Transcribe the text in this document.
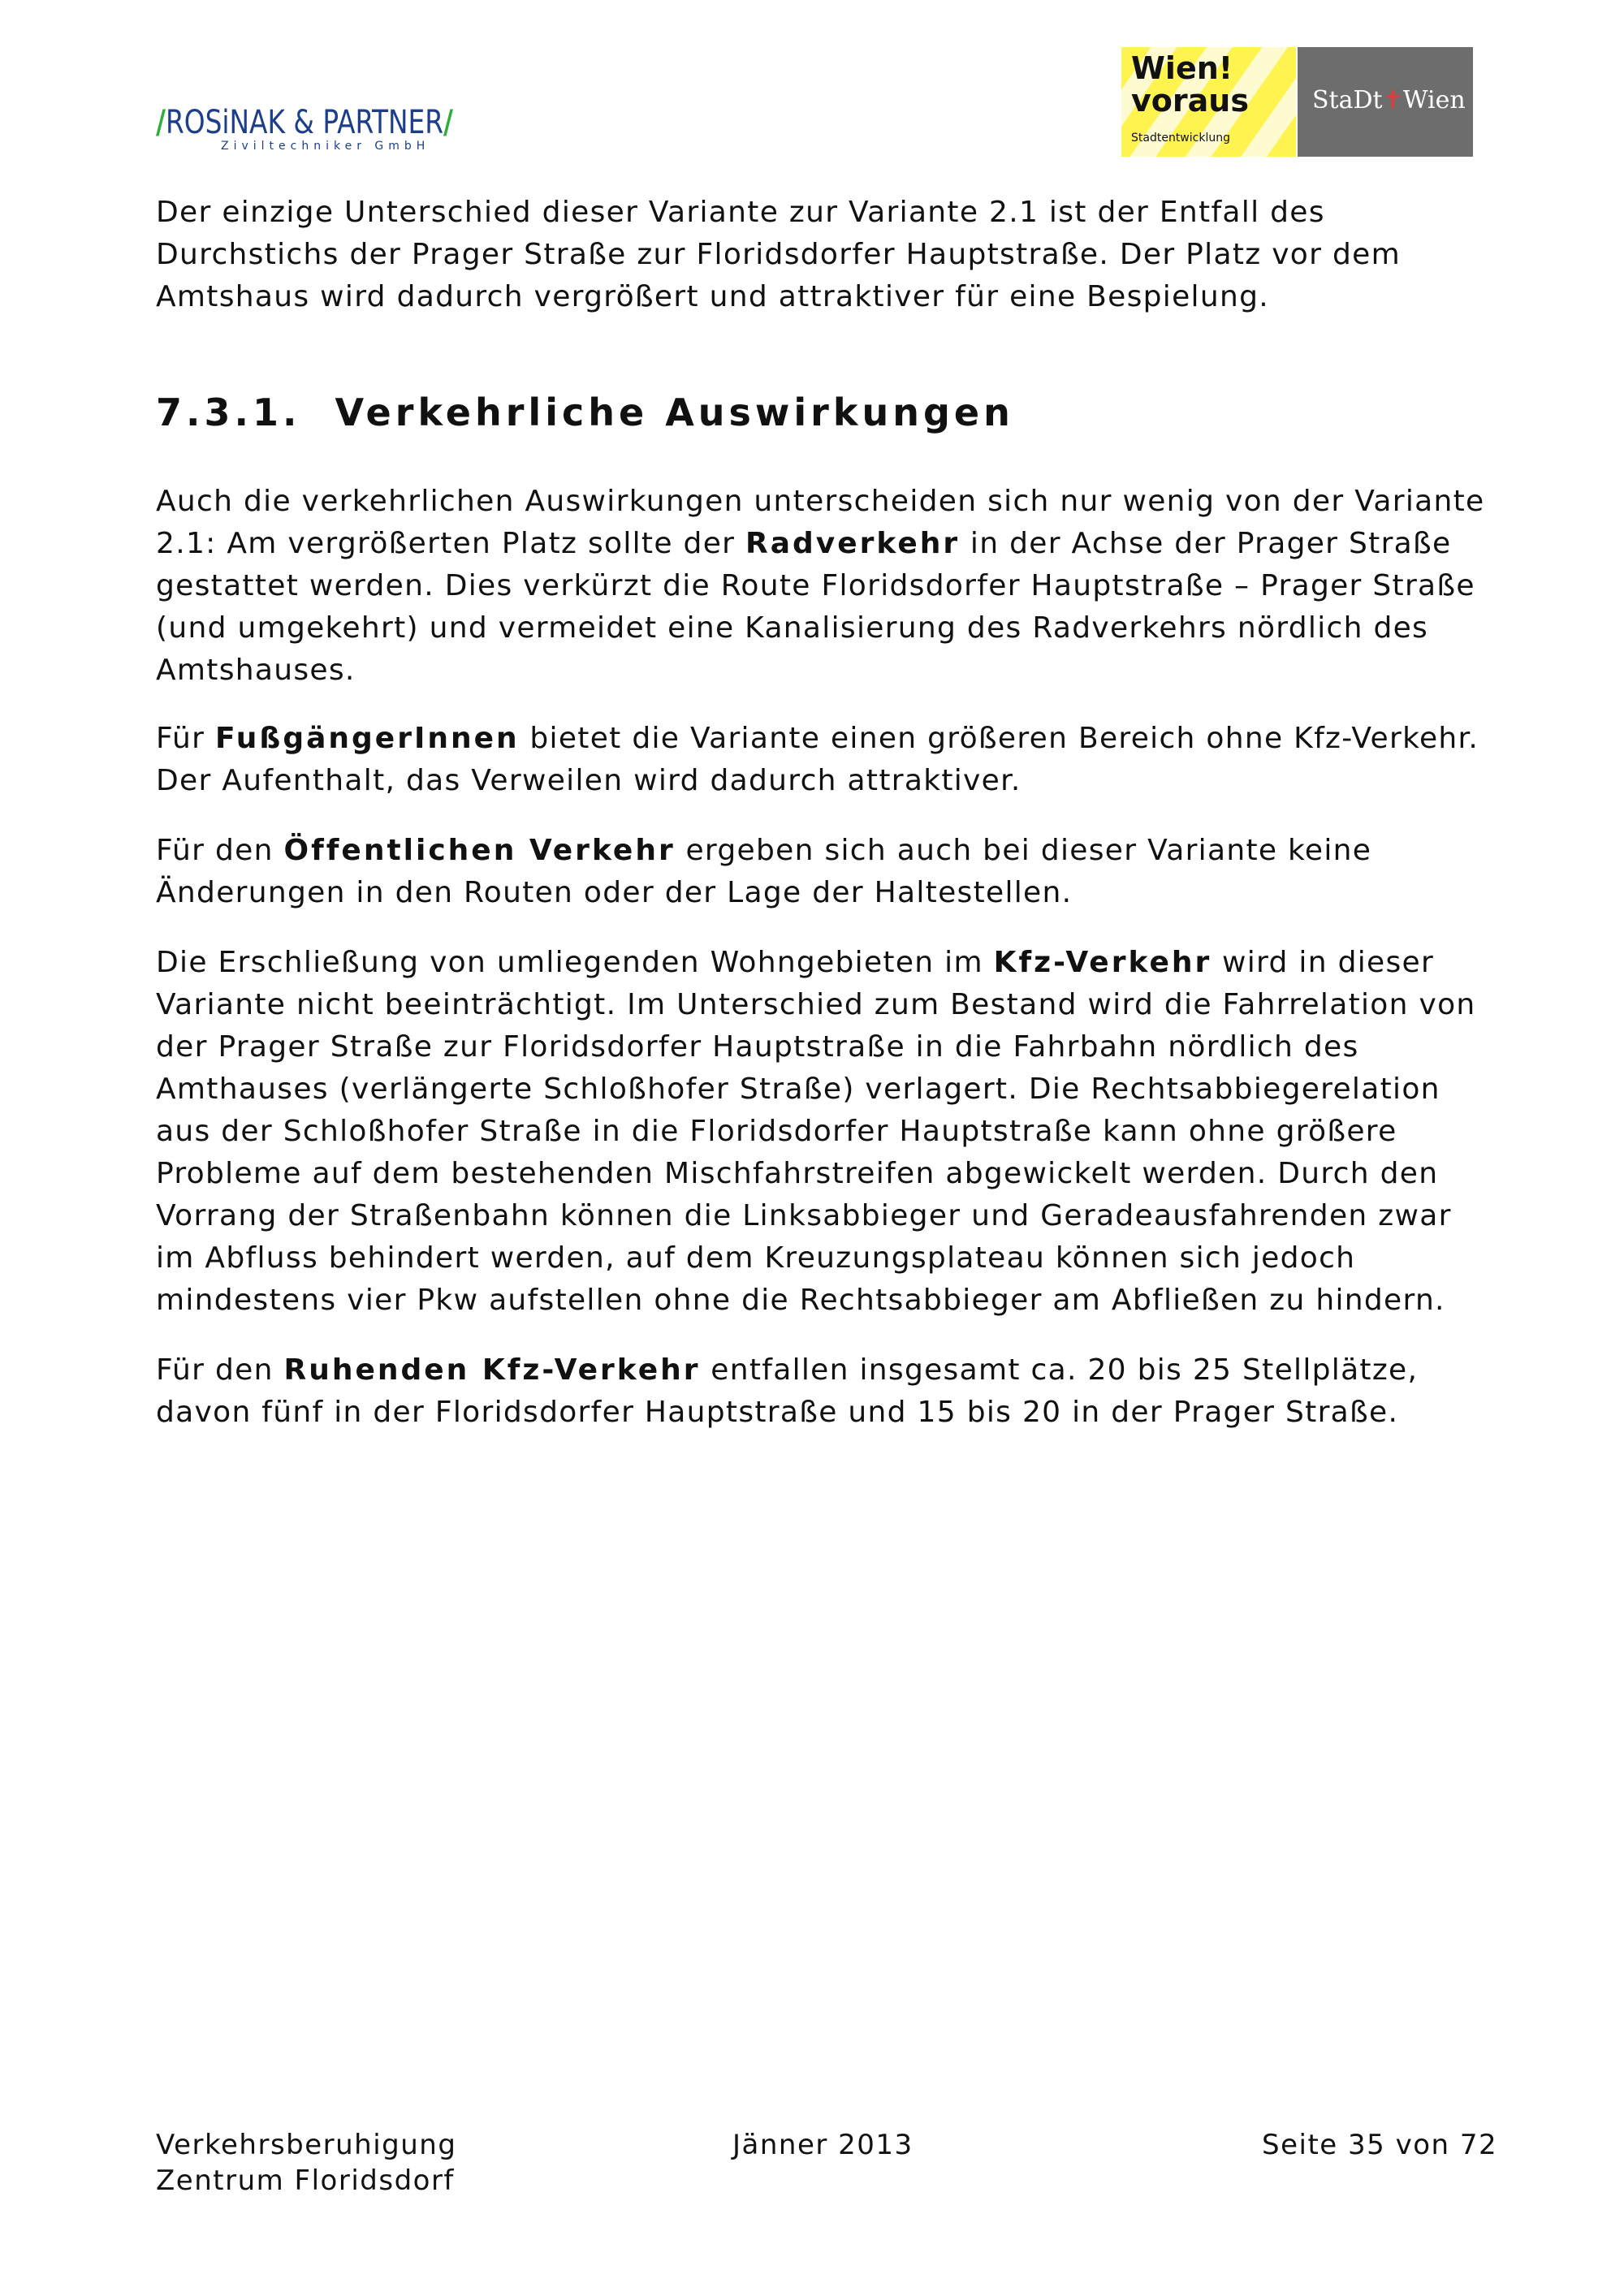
/ROSiNAK & PARTNER/
Ziviltechniker GmbH
Wien!
voraus
Stadtentwicklung
StaDt✝Wien

Der einzige Unterschied dieser Variante zur Variante 2.1 ist der Entfall des Durchstichs der Prager Straße zur Floridsdorfer Hauptstraße. Der Platz vor dem Amtshaus wird dadurch vergrößert und attraktiver für eine Bespielung.

7.3.1.  Verkehrliche Auswirkungen

Auch die verkehrlichen Auswirkungen unterscheiden sich nur wenig von der Variante 2.1: Am vergrößerten Platz sollte der Radverkehr in der Achse der Prager Straße gestattet werden. Dies verkürzt die Route Floridsdorfer Hauptstraße – Prager Straße (und umgekehrt) und vermeidet eine Kanalisierung des Radverkehrs nördlich des Amtshauses.

Für FußgängerInnen bietet die Variante einen größeren Bereich ohne Kfz-Verkehr. Der Aufenthalt, das Verweilen wird dadurch attraktiver.

Für den Öffentlichen Verkehr ergeben sich auch bei dieser Variante keine Änderungen in den Routen oder der Lage der Haltestellen.

Die Erschließung von umliegenden Wohngebieten im Kfz-Verkehr wird in dieser Variante nicht beeinträchtigt. Im Unterschied zum Bestand wird die Fahrrelation von der Prager Straße zur Floridsdorfer Hauptstraße in die Fahrbahn nördlich des Amthauses (verlängerte Schloßhofer Straße) verlagert. Die Rechtsabbiegerelation aus der Schloßhofer Straße in die Floridsdorfer Hauptstraße kann ohne größere Probleme auf dem bestehenden Mischfahrstreifen abgewickelt werden. Durch den Vorrang der Straßenbahn können die Linksabbieger und Geradeausfahrenden zwar im Abfluss behindert werden, auf dem Kreuzungsplateau können sich jedoch mindestens vier Pkw aufstellen ohne die Rechtsabbieger am Abfließen zu hindern.

Für den Ruhenden Kfz-Verkehr entfallen insgesamt ca. 20 bis 25 Stellplätze, davon fünf in der Floridsdorfer Hauptstraße und 15 bis 20 in der Prager Straße.

Verkehrsberuhigung
Zentrum Floridsdorf
Jänner 2013	Seite 35 von 72
